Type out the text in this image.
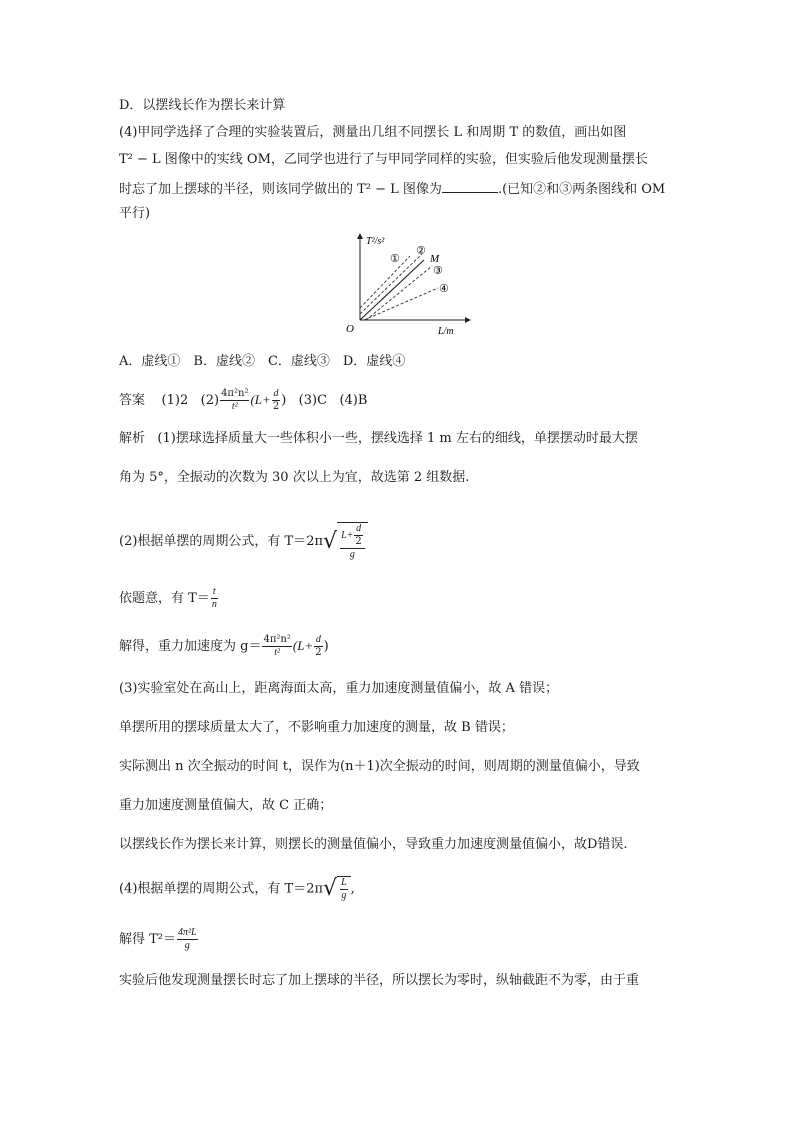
D．以摆线长作为摆长来计算
(4)甲同学选择了合理的实验装置后，测量出几组不同摆长 L 和周期 T 的数值，画出如图
T² − L 图像中的实线 OM，乙同学也进行了与甲同学同样的实验，但实验后他发现测量摆长
时忘了加上摆球的半径，则该同学做出的 T² − L 图像为	.(已知②和③两条图线和 OM
平行)
T²/s²
L/m
O
①
②
M
③
④
A．虚线①　B．虚线②　C．虚线③　D．虚线④
答案 (1)2 $(2) \frac{\text{4π²n²}}{\text{t²}} (L+ \frac{d}{2}$ ) (3)C (4)B
解析 (1)摆球选择质量大一些体积小一些，摆线选择 1 m 左右的细线，单摆摆动时最大摆
角为 5°，全振动的次数为 30 次以上为宜，故选第 2 组数据.
(2)根据单摆的周期公式，有 T＝2π √ $\frac{L+ \frac{d}{2}}{g}$
依题意，有 $T= \frac{t}{n}$
解得，重力加速度为 $g= \frac{\text{4π²n²}}{\text{t²}} (L+ \frac{d}{2}$ )
(3)实验室处在高山上，距离海面太高，重力加速度测量值偏小，故 A 错误；
单摆所用的摆球质量太大了，不影响重力加速度的测量，故 B 错误；
实际测出 n 次全振动的时间 t，误作为(n＋1)次全振动的时间，则周期的测量值偏小，导致
重力加速度测量值偏大，故 C 正确；
以摆线长作为摆长来计算，则摆长的测量值偏小，导致重力加速度测量值偏小，故D错误.
(4)根据单摆的周期公式，有 T＝2π √ $\frac{L}{g}$ ,
解得 $T^2= \frac{\text{4π²L}}{g}$
实验后他发现测量摆长时忘了加上摆球的半径，所以摆长为零时，纵轴截距不为零，由于重
